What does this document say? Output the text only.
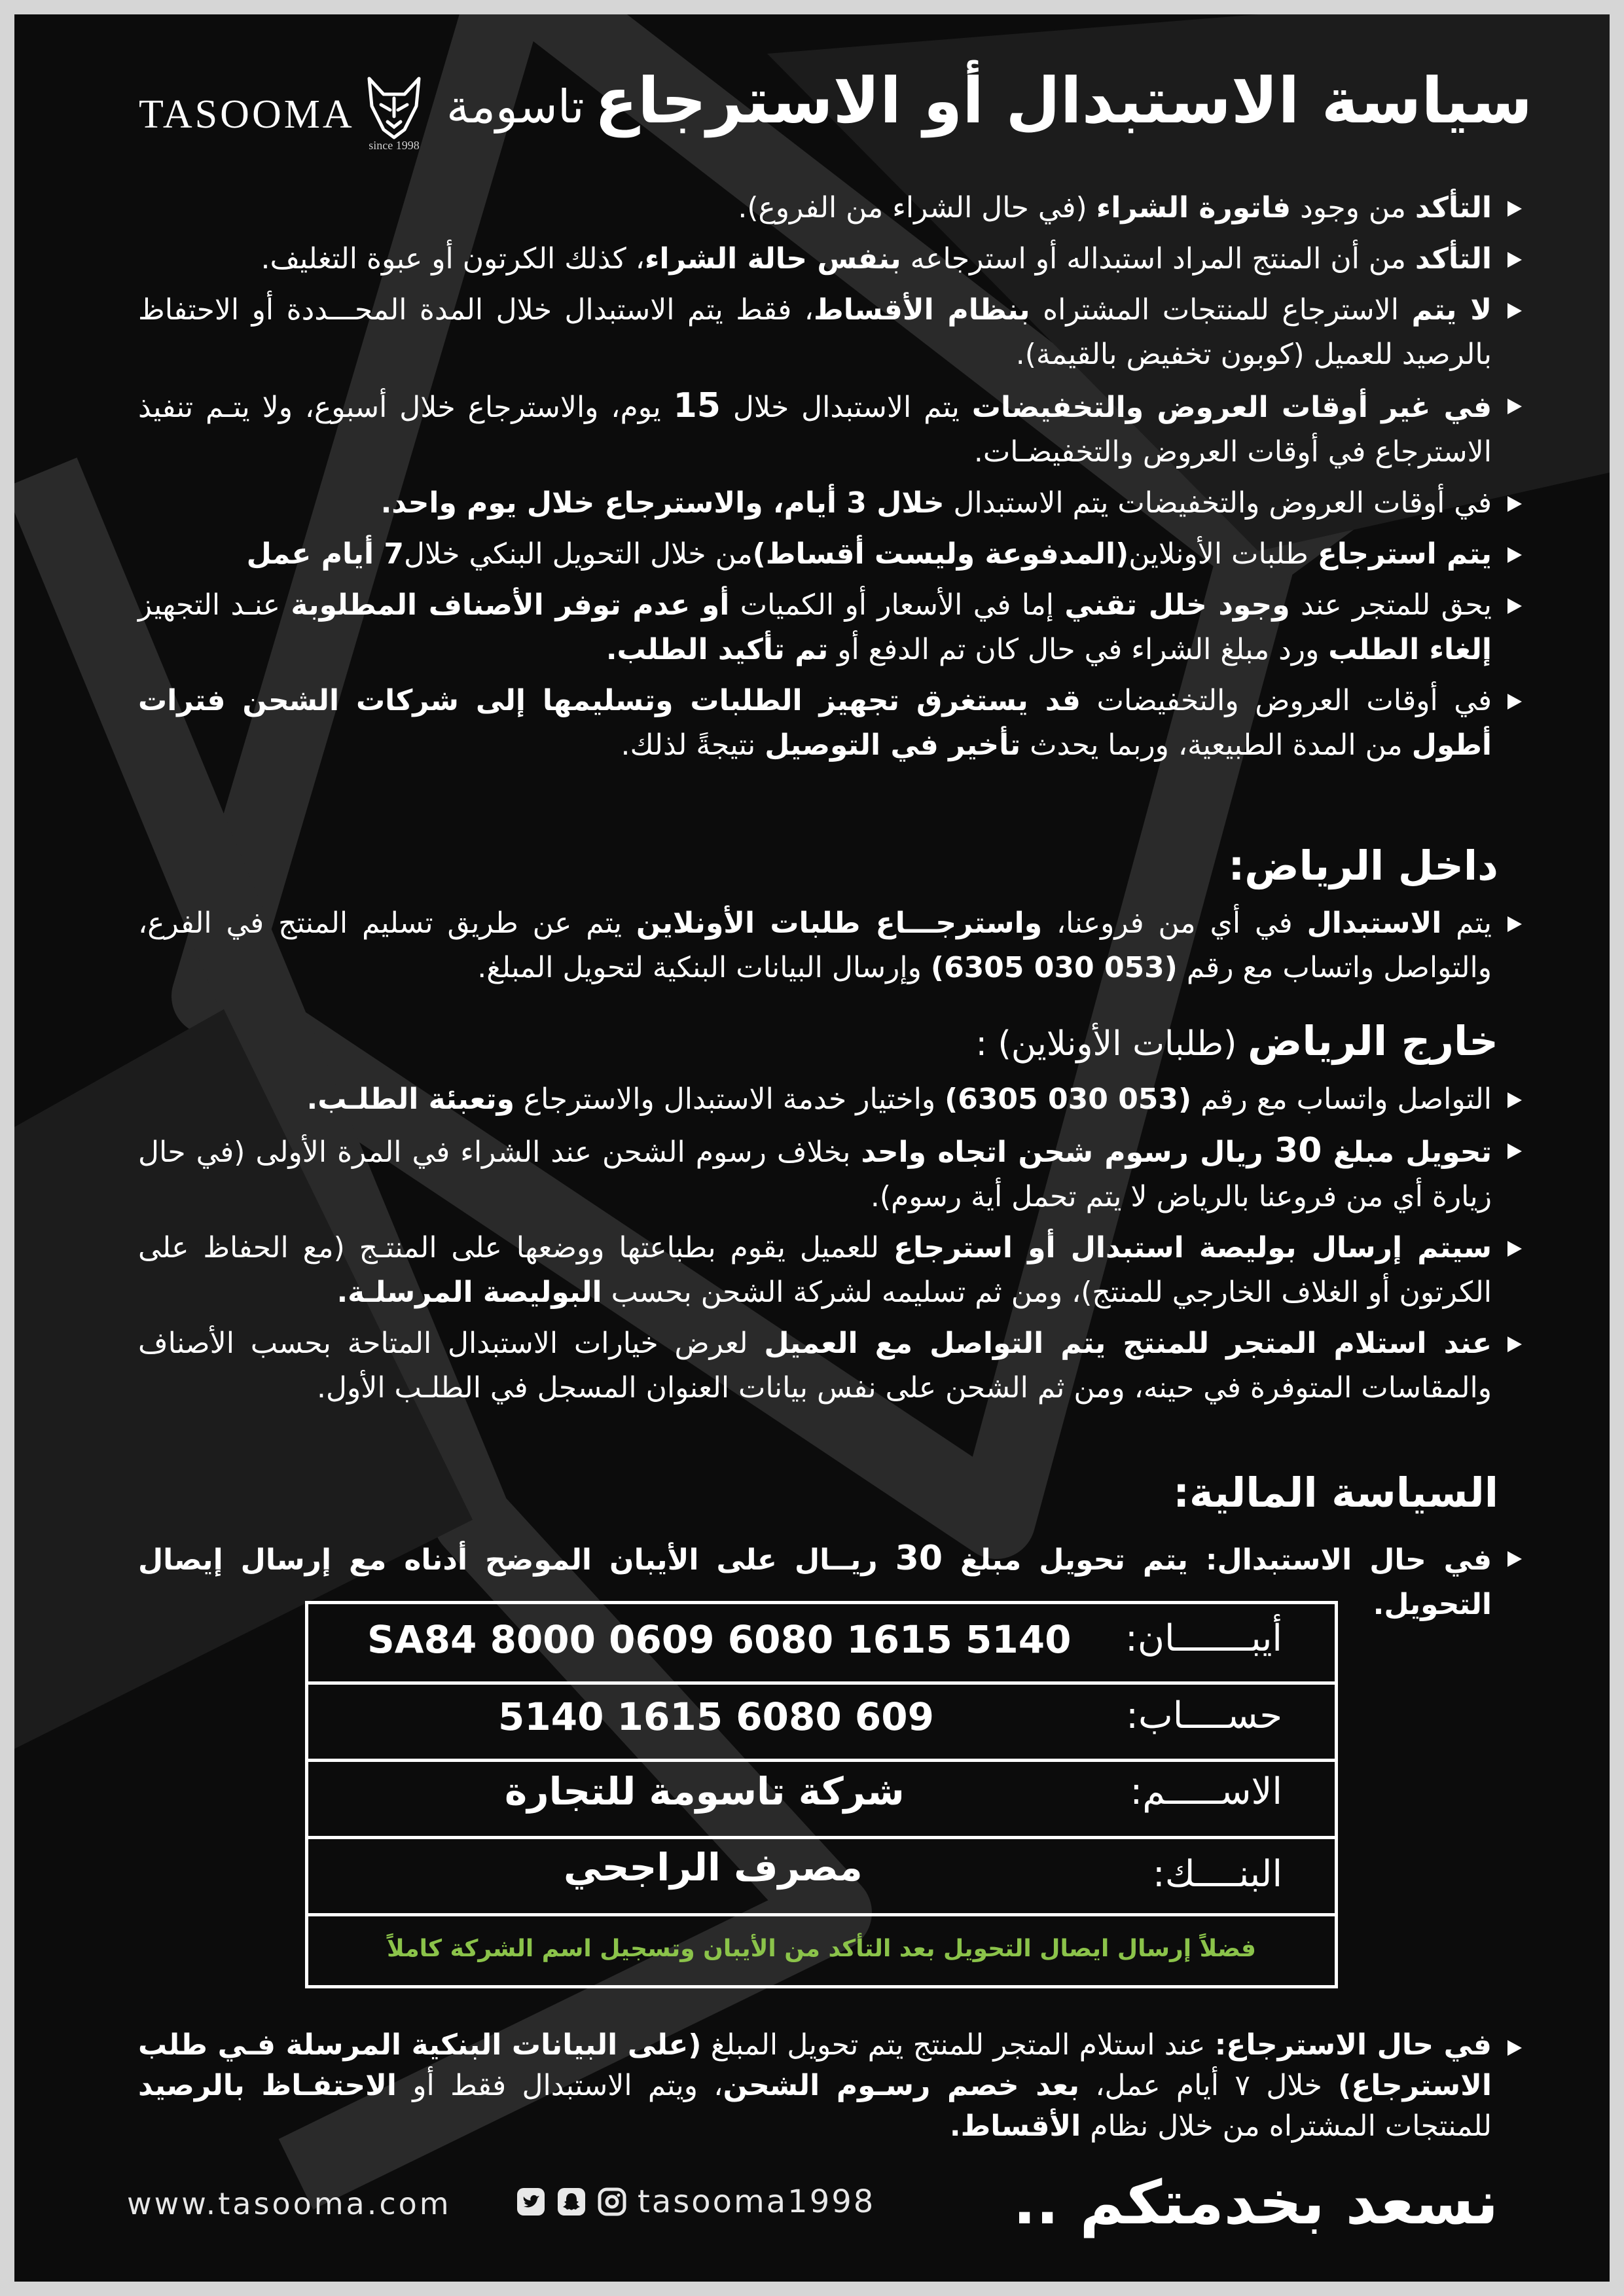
سياسة الاستبدال أو الاسترجاع
TASOOMA
since 1998
تاسومة
التأكد من وجود فاتورة الشراء (في حال الشراء من الفروع).
التأكد من أن المنتج المراد استبداله أو استرجاعه بنفس حالة الشراء، كذلك الكرتون أو عبوة التغليف.
لا يتم الاسترجاع للمنتجات المشتراه بنظام الأقساط، فقط يتم الاستبدال خلال المدة المحـــددة أو الاحتفاظ بالرصيد للعميل (كوبون تخفيض بالقيمة).
في غير أوقات العروض والتخفيضات يتم الاستبدال خلال 15 يوم، والاسترجاع خلال أسبوع، ولا يتـم تنفيذ الاسترجاع في أوقات العروض والتخفيضـات.
في أوقات العروض والتخفيضات يتم الاستبدال خلال 3 أيام، والاسترجاع خلال يوم واحد.
يتم استرجاع طلبات الأونلاين(المدفوعة وليست أقساط)من خلال التحويل البنكي خلال7 أيام عمل
يحق للمتجر عند وجود خلل تقني إما في الأسعار أو الكميات أو عدم توفر الأصناف المطلوبة عنـد التجهيز إلغاء الطلب ورد مبلغ الشراء في حال كان تم الدفع أو تم تأكيد الطلب.
في أوقات العروض والتخفيضات قد يستغرق تجهيز الطلبات وتسليمها إلى شركات الشحن فترات أطول من المدة الطبيعية، وربما يحدث تأخير في التوصيل نتيجةً لذلك.
داخل الرياض:
يتم الاستبدال في أي من فروعنا، واسترجـــاع طلبات الأونلاين يتم عن طريق تسليم المنتج في الفرع، والتواصل واتساب مع رقم (053 030 6305) وإرسال البيانات البنكية لتحويل المبلغ.
خارج الرياض (طلبات الأونلاين) :
التواصل واتساب مع رقم (053 030 6305) واختيار خدمة الاستبدال والاسترجاع وتعبئة الطلـب.
تحويل مبلغ 30 ريال رسوم شحن اتجاه واحد بخلاف رسوم الشحن عند الشراء في المرة الأولى (في حال زيارة أي من فروعنا بالرياض لا يتم تحمل أية رسوم).
سيتم إرسال بوليصة استبدال أو استرجاع للعميل يقوم بطباعتها ووضعها على المنتـج (مع الحفاظ على الكرتون أو الغلاف الخارجي للمنتج)، ومن ثم تسليمه لشركة الشحن بحسب البوليصة المرسلـة.
عند استلام المتجر للمنتج يتم التواصل مع العميل لعرض خيارات الاستبدال المتاحة بحسب الأصناف والمقاسات المتوفرة في حينه، ومن ثم الشحن على نفس بيانات العنوان المسجل في الطلـب الأول.
السياسة المالية:
في حال الاستبدال: يتم تحويل مبلغ 30 ريــال على الأيبان الموضح أدناه مع إرسال إيصال التحويل.
أيبـــــــان:
SA84 8000 0609 6080 1615 5140
حســــاب:
609 6080 1615 5140
الاســـــم:
شركة تاسومة للتجارة
البنــــك:
مصرف الراجحي
فضلاً إرسال ايصال التحويل بعد التأكد من الأيبان وتسجيل اسم الشركة كاملاً
في حال الاسترجاع: عند استلام المتجر للمنتج يتم تحويل المبلغ (على البيانات البنكية المرسلة فـي طلب الاسترجاع) خلال ٧ أيام عمل، بعد خصم رسـوم الشحن، ويتم الاستبدال فقط أو الاحتفـاظ بالرصيد للمنتجات المشتراه من خلال نظام الأقساط.
www.tasooma.com	tasooma1998 نسعد بخدمتكم ..
